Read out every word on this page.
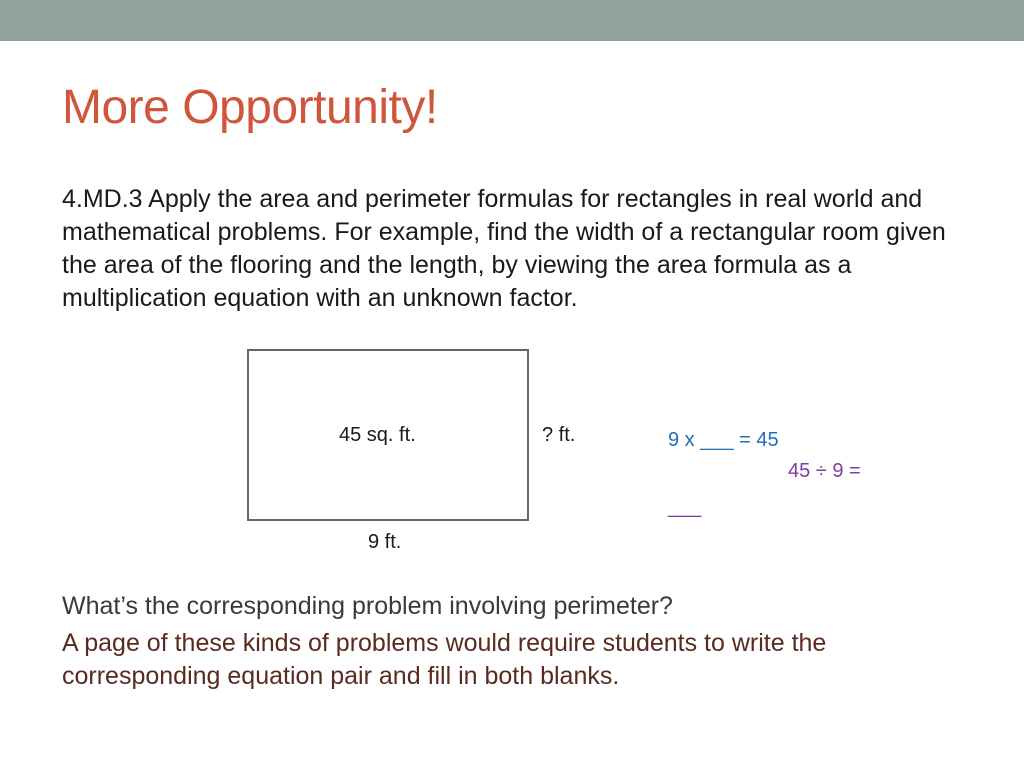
More Opportunity!
4.MD.3 Apply the area and perimeter formulas for rectangles in real world and mathematical problems. For example, find the width of a rectangular room given the area of the flooring and the length, by viewing the area formula as a multiplication equation with an unknown factor.
45 sq. ft.	? ft.
9 ft.
9 x ___ = 45
45 ÷ 9 =
___
What’s the corresponding problem involving perimeter?
A page of these kinds of problems would require students to write the corresponding equation pair and fill in both blanks.
